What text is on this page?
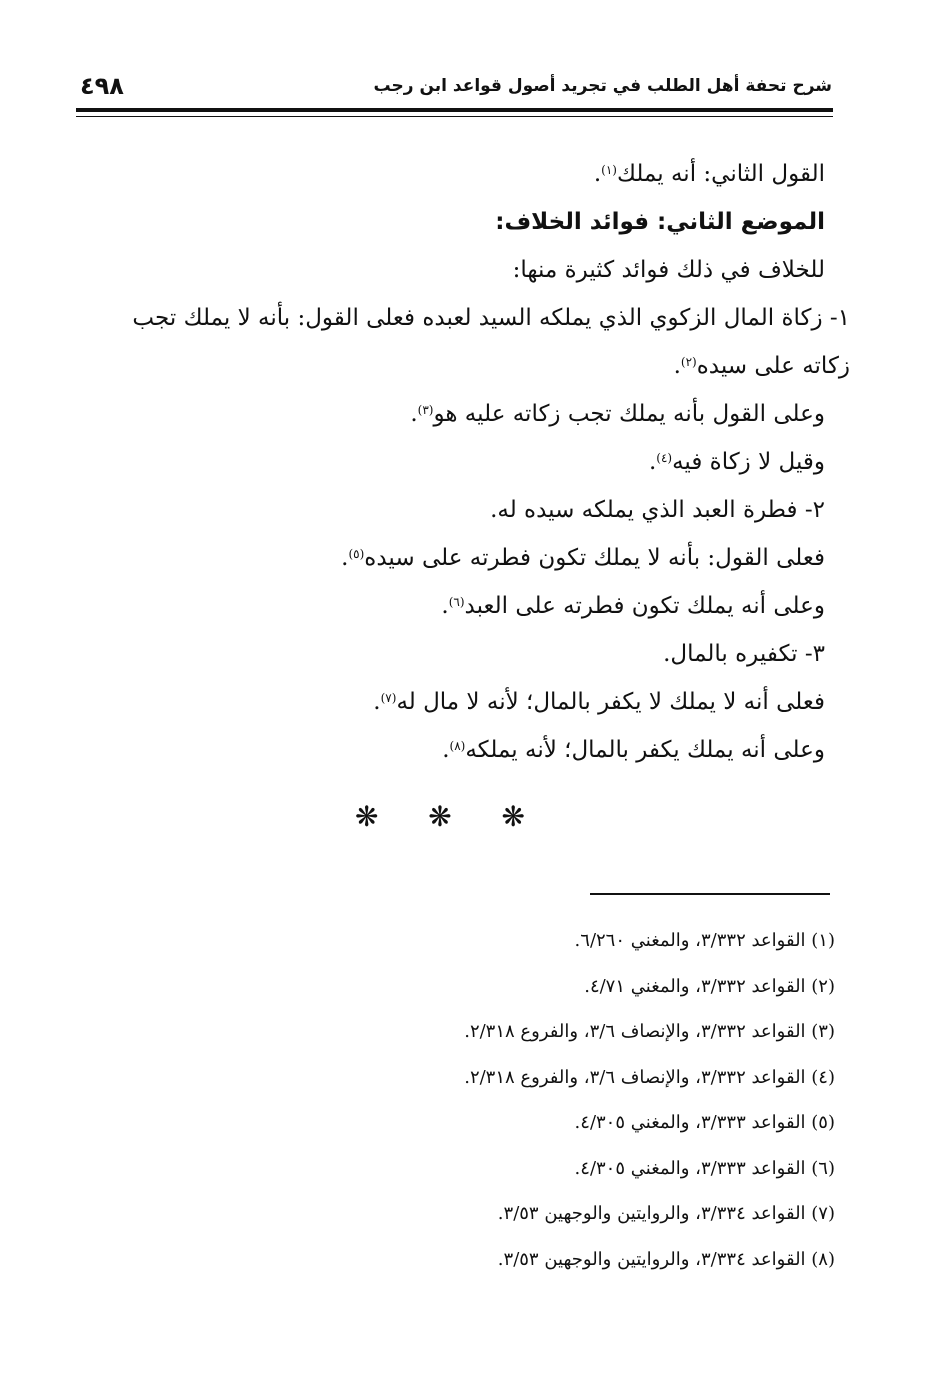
شرح تحفة أهل الطلب في تجريد أصول قواعد ابن رجب
٤٩٨

القول الثاني: أنه يملك$^{(١)}$.

الموضع الثاني: فوائد الخلاف:

للخلاف في ذلك فوائد كثيرة منها:

١- زكاة المال الزكوي الذي يملكه السيد لعبده فعلى القول: بأنه لا يملك تجب زكاته على سيده$^{(٢)}$.

وعلى القول بأنه يملك تجب زكاته عليه هو$^{(٣)}$.

وقيل لا زكاة فيه$^{(٤)}$.

٢- فطرة العبد الذي يملكه سيده له.

فعلى القول: بأنه لا يملك تكون فطرته على سيده$^{(٥)}$.

وعلى أنه يملك تكون فطرته على العبد$^{(٦)}$.

٣- تكفيره بالمال.

فعلى أنه لا يملك لا يكفر بالمال؛ لأنه لا مال له$^{(٧)}$.

وعلى أنه يملك يكفر بالمال؛ لأنه يملكه$^{(٨)}$.

❋ ❋ ❋

(١) القواعد ٣/٣٣٢، والمغني ٦/٢٦٠.

(٢) القواعد ٣/٣٣٢، والمغني ٤/٧١.

(٣) القواعد ٣/٣٣٢، والإنصاف ٣/٦، والفروع ٢/٣١٨.

(٤) القواعد ٣/٣٣٢، والإنصاف ٣/٦، والفروع ٢/٣١٨.

(٥) القواعد ٣/٣٣٣، والمغني ٤/٣٠٥.

(٦) القواعد ٣/٣٣٣، والمغني ٤/٣٠٥.

(٧) القواعد ٣/٣٣٤، والروايتين والوجهين ٣/٥٣.

(٨) القواعد ٣/٣٣٤، والروايتين والوجهين ٣/٥٣.
